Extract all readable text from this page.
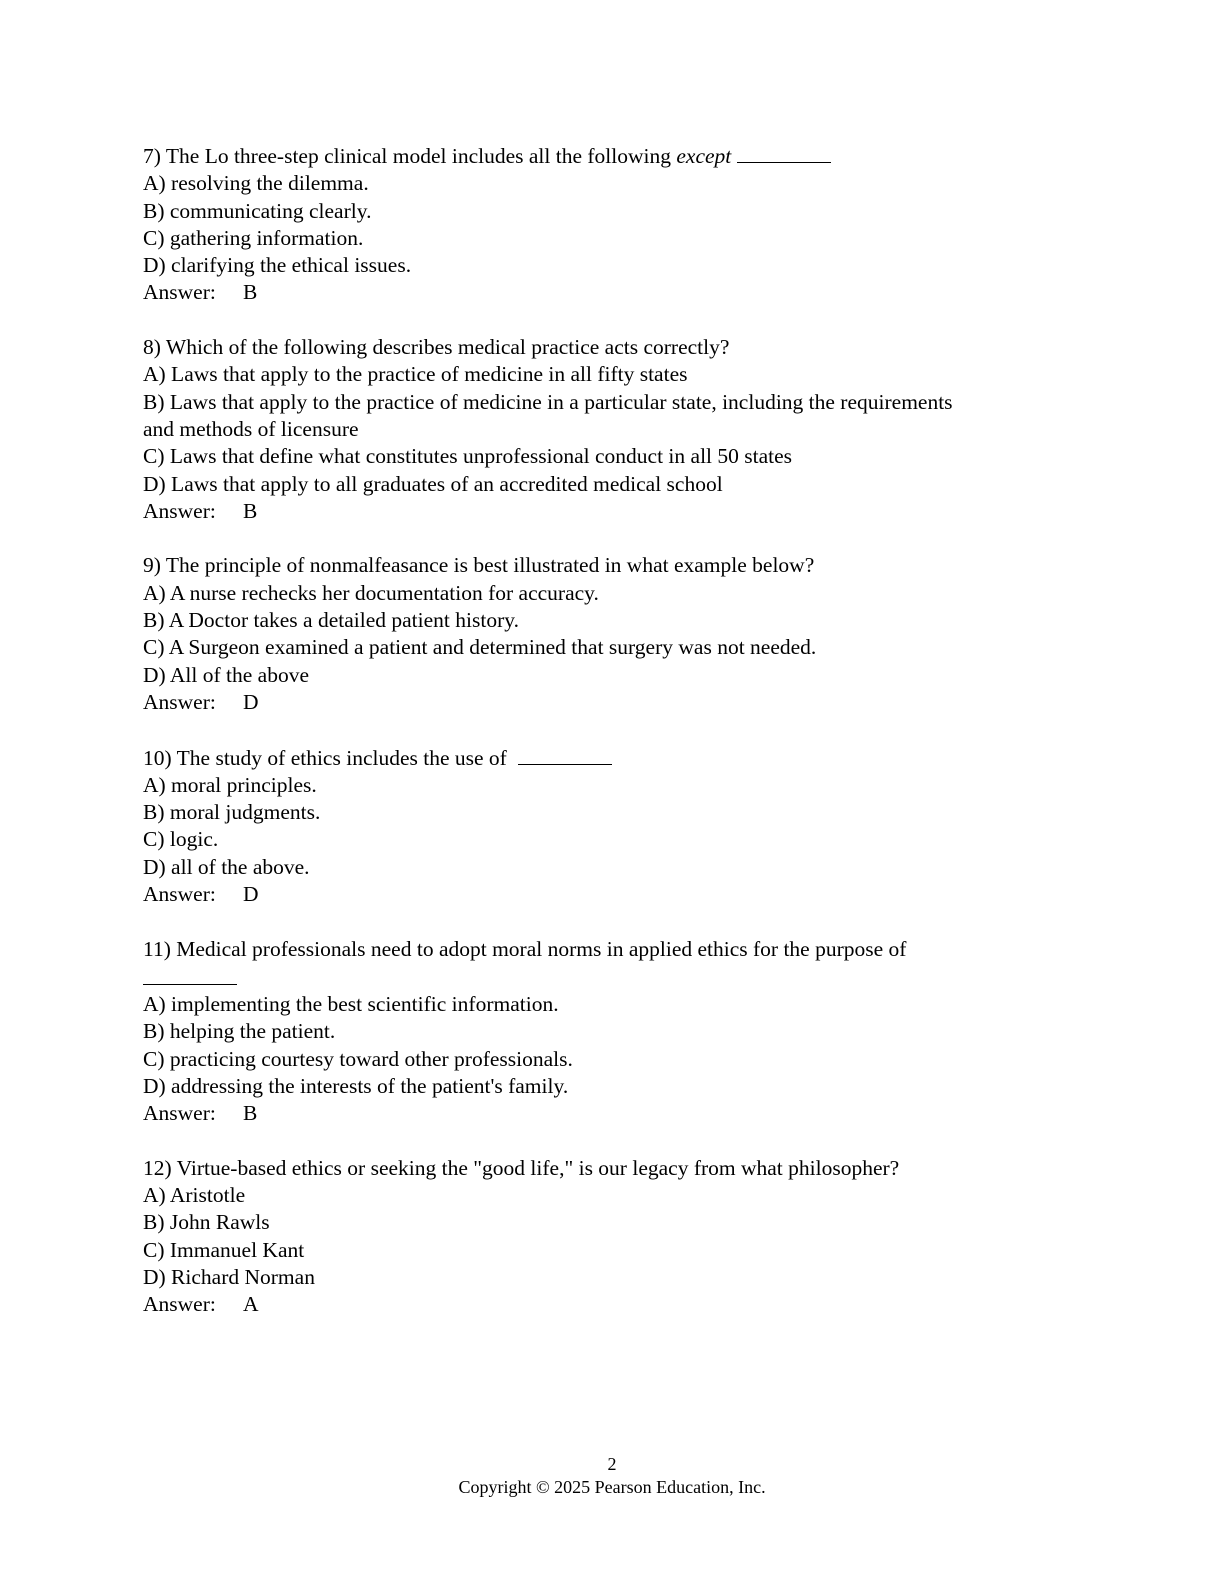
7) The Lo three-step clinical model includes all the following except
A) resolving the dilemma.
B) communicating clearly.
C) gathering information.
D) clarifying the ethical issues.
Answer: B
8) Which of the following describes medical practice acts correctly?
A) Laws that apply to the practice of medicine in all fifty states
B) Laws that apply to the practice of medicine in a particular state, including the requirements
and methods of licensure
C) Laws that define what constitutes unprofessional conduct in all 50 states
D) Laws that apply to all graduates of an accredited medical school
Answer: B
9) The principle of nonmalfeasance is best illustrated in what example below?
A) A nurse rechecks her documentation for accuracy.
B) A Doctor takes a detailed patient history.
C) A Surgeon examined a patient and determined that surgery was not needed.
D) All of the above
Answer: D
10) The study of ethics includes the use of
A) moral principles.
B) moral judgments.
C) logic.
D) all of the above.
Answer: D
11) Medical professionals need to adopt moral norms in applied ethics for the purpose of
A) implementing the best scientific information.
B) helping the patient.
C) practicing courtesy toward other professionals.
D) addressing the interests of the patient's family.
Answer: B
12) Virtue-based ethics or seeking the "good life," is our legacy from what philosopher?
A) Aristotle
B) John Rawls
C) Immanuel Kant
D) Richard Norman
Answer: A
2
Copyright © 2025 Pearson Education, Inc.
